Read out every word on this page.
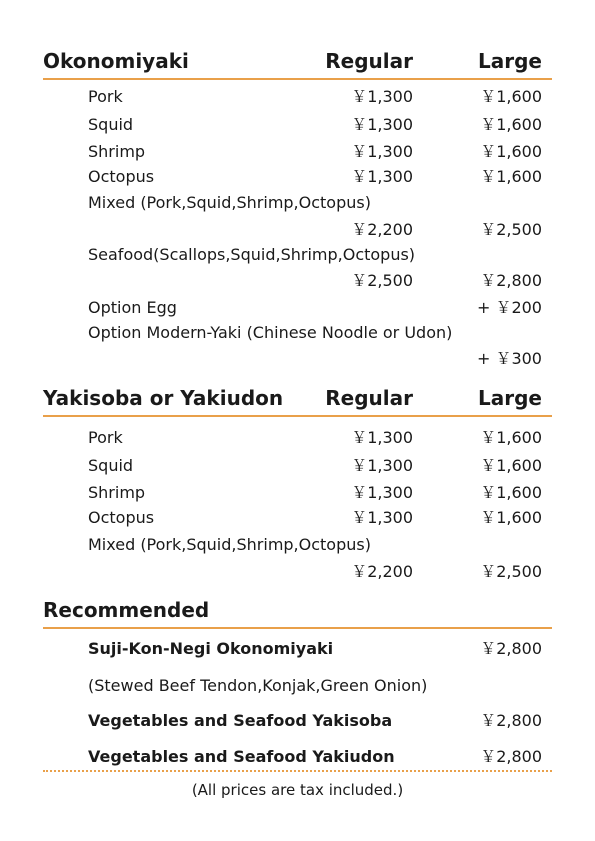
Okonomiyaki	Regular	Large
Pork	￥1,300	￥1,600
Squid	￥1,300	￥1,600
Shrimp	￥1,300	￥1,600
Octopus	￥1,300	￥1,600
Mixed (Pork,Squid,Shrimp,Octopus)
￥2,200	￥2,500
Seafood(Scallops,Squid,Shrimp,Octopus)
￥2,500	￥2,800
Option Egg	+ ￥200
Option Modern-Yaki (Chinese Noodle or Udon)
+ ￥300
Yakisoba or Yakiudon Regular	Large
Pork	￥1,300	￥1,600
Squid	￥1,300	￥1,600
Shrimp	￥1,300	￥1,600
Octopus	￥1,300	￥1,600
Mixed (Pork,Squid,Shrimp,Octopus)
￥2,200	￥2,500
Recommended
Suji-Kon-Negi Okonomiyaki	￥2,800
(Stewed Beef Tendon,Konjak,Green Onion)
Vegetables and Seafood Yakisoba	￥2,800
Vegetables and Seafood Yakiudon	￥2,800
(All prices are tax included.)
